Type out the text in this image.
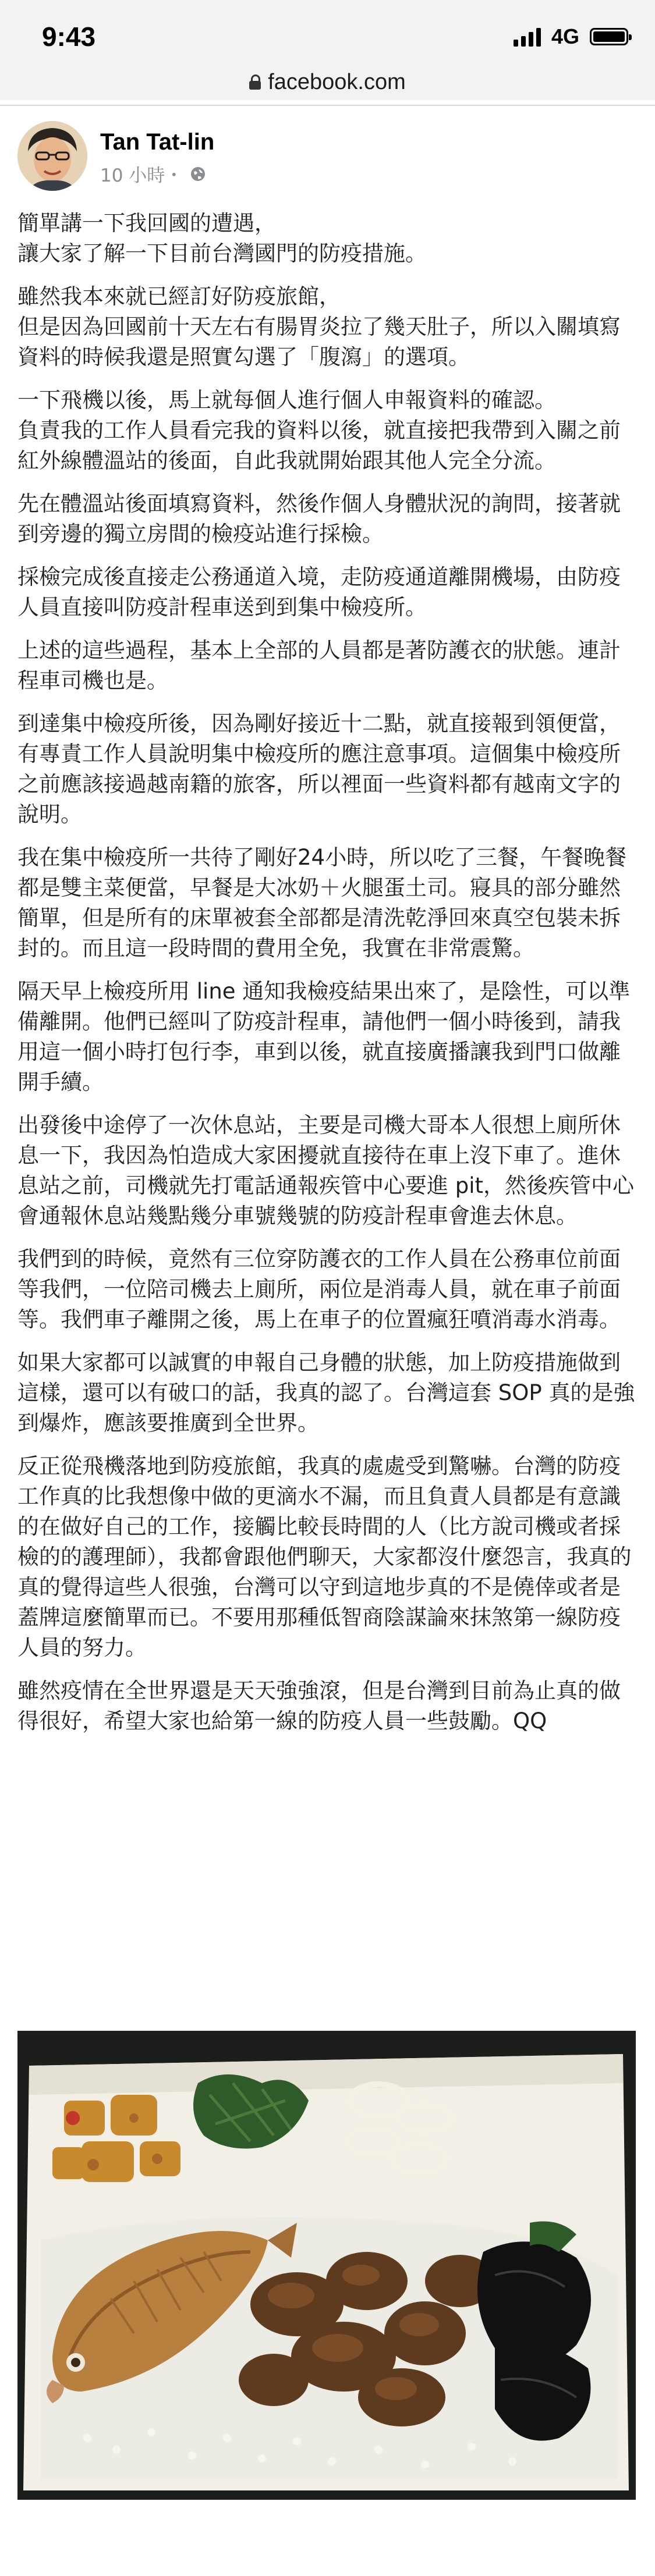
9:43	4G
facebook.com
Tan Tat-lin
10 小時・

簡單講一下我回國的遭遇，
讓大家了解一下目前台灣國門的防疫措施。

雖然我本來就已經訂好防疫旅館，
但是因為回國前十天左右有腸胃炎拉了幾天肚子，所以入關填寫資料的時候我還是照實勾選了「腹瀉」的選項。

一下飛機以後，馬上就每個人進行個人申報資料的確認。
負責我的工作人員看完我的資料以後，就直接把我帶到入關之前紅外線體溫站的後面，自此我就開始跟其他人完全分流。

先在體溫站後面填寫資料，然後作個人身體狀況的詢問，接著就到旁邊的獨立房間的檢疫站進行採檢。

採檢完成後直接走公務通道入境，走防疫通道離開機場，由防疫人員直接叫防疫計程車送到到集中檢疫所。

上述的這些過程，基本上全部的人員都是著防護衣的狀態。連計程車司機也是。

到達集中檢疫所後，因為剛好接近十二點，就直接報到領便當，有專責工作人員說明集中檢疫所的應注意事項。這個集中檢疫所之前應該接過越南籍的旅客，所以裡面一些資料都有越南文字的說明。

我在集中檢疫所一共待了剛好24小時，所以吃了三餐，午餐晚餐都是雙主菜便當，早餐是大冰奶＋火腿蛋土司。寢具的部分雖然簡單，但是所有的床單被套全部都是清洗乾淨回來真空包裝未拆封的。而且這一段時間的費用全免，我實在非常震驚。

隔天早上檢疫所用 line 通知我檢疫結果出來了，是陰性，可以準備離開。他們已經叫了防疫計程車，請他們一個小時後到，請我用這一個小時打包行李，車到以後，就直接廣播讓我到門口做離開手續。

出發後中途停了一次休息站，主要是司機大哥本人很想上廁所休息一下，我因為怕造成大家困擾就直接待在車上沒下車了。進休息站之前，司機就先打電話通報疾管中心要進 pit，然後疾管中心會通報休息站幾點幾分車號幾號的防疫計程車會進去休息。

我們到的時候，竟然有三位穿防護衣的工作人員在公務車位前面等我們，一位陪司機去上廁所，兩位是消毒人員，就在車子前面等。我們車子離開之後，馬上在車子的位置瘋狂噴消毒水消毒。

如果大家都可以誠實的申報自己身體的狀態，加上防疫措施做到這樣，還可以有破口的話，我真的認了。台灣這套 SOP 真的是強到爆炸，應該要推廣到全世界。

反正從飛機落地到防疫旅館，我真的處處受到驚嚇。台灣的防疫工作真的比我想像中做的更滴水不漏，而且負責人員都是有意識的在做好自己的工作，接觸比較長時間的人（比方說司機或者採檢的的護理師），我都會跟他們聊天，大家都沒什麼怨言，我真的真的覺得這些人很強，台灣可以守到這地步真的不是僥倖或者是蓋牌這麼簡單而已。不要用那種低智商陰謀論來抹煞第一線防疫人員的努力。

雖然疫情在全世界還是天天強強滾，但是台灣到目前為止真的做得很好，希望大家也給第一線的防疫人員一些鼓勵。QQ
